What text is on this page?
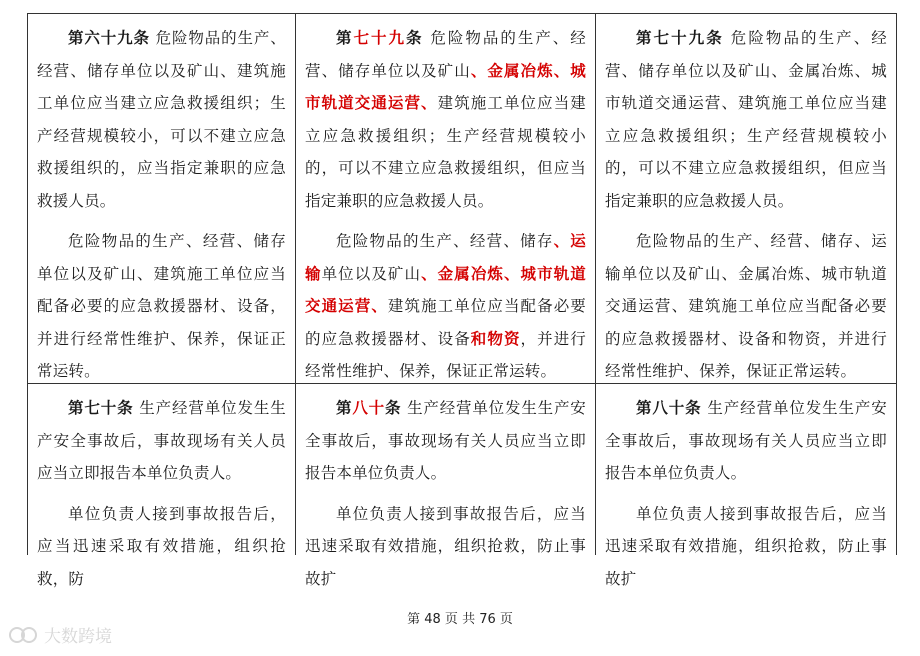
第六十九条 危险物品的生产、经营、储存单位以及矿山、建筑施工单位应当建立应急救援组织；生产经营规模较小，可以不建立应急救援组织的，应当指定兼职的应急救援人员。

危险物品的生产、经营、储存单位以及矿山、建筑施工单位应当配备必要的应急救援器材、设备，并进行经常性维护、保养，保证正常运转。

第七十九条 危险物品的生产、经营、储存单位以及矿山、金属冶炼、城市轨道交通运营、建筑施工单位应当建立应急救援组织；生产经营规模较小的，可以不建立应急救援组织，但应当指定兼职的应急救援人员。

危险物品的生产、经营、储存、运输单位以及矿山、金属冶炼、城市轨道交通运营、建筑施工单位应当配备必要的应急救援器材、设备和物资，并进行经常性维护、保养，保证正常运转。

第七十九条 危险物品的生产、经营、储存单位以及矿山、金属冶炼、城市轨道交通运营、建筑施工单位应当建立应急救援组织；生产经营规模较小的，可以不建立应急救援组织，但应当指定兼职的应急救援人员。

危险物品的生产、经营、储存、运输单位以及矿山、金属冶炼、城市轨道交通运营、建筑施工单位应当配备必要的应急救援器材、设备和物资，并进行经常性维护、保养，保证正常运转。

第七十条 生产经营单位发生生产安全事故后，事故现场有关人员应当立即报告本单位负责人。

单位负责人接到事故报告后，应当迅速采取有效措施，组织抢救，防

第八十条 生产经营单位发生生产安全事故后，事故现场有关人员应当立即报告本单位负责人。

单位负责人接到事故报告后，应当迅速采取有效措施，组织抢救，防止事故扩

第八十条 生产经营单位发生生产安全事故后，事故现场有关人员应当立即报告本单位负责人。

单位负责人接到事故报告后，应当迅速采取有效措施，组织抢救，防止事故扩

第 48 页 共 76 页
大数跨境
